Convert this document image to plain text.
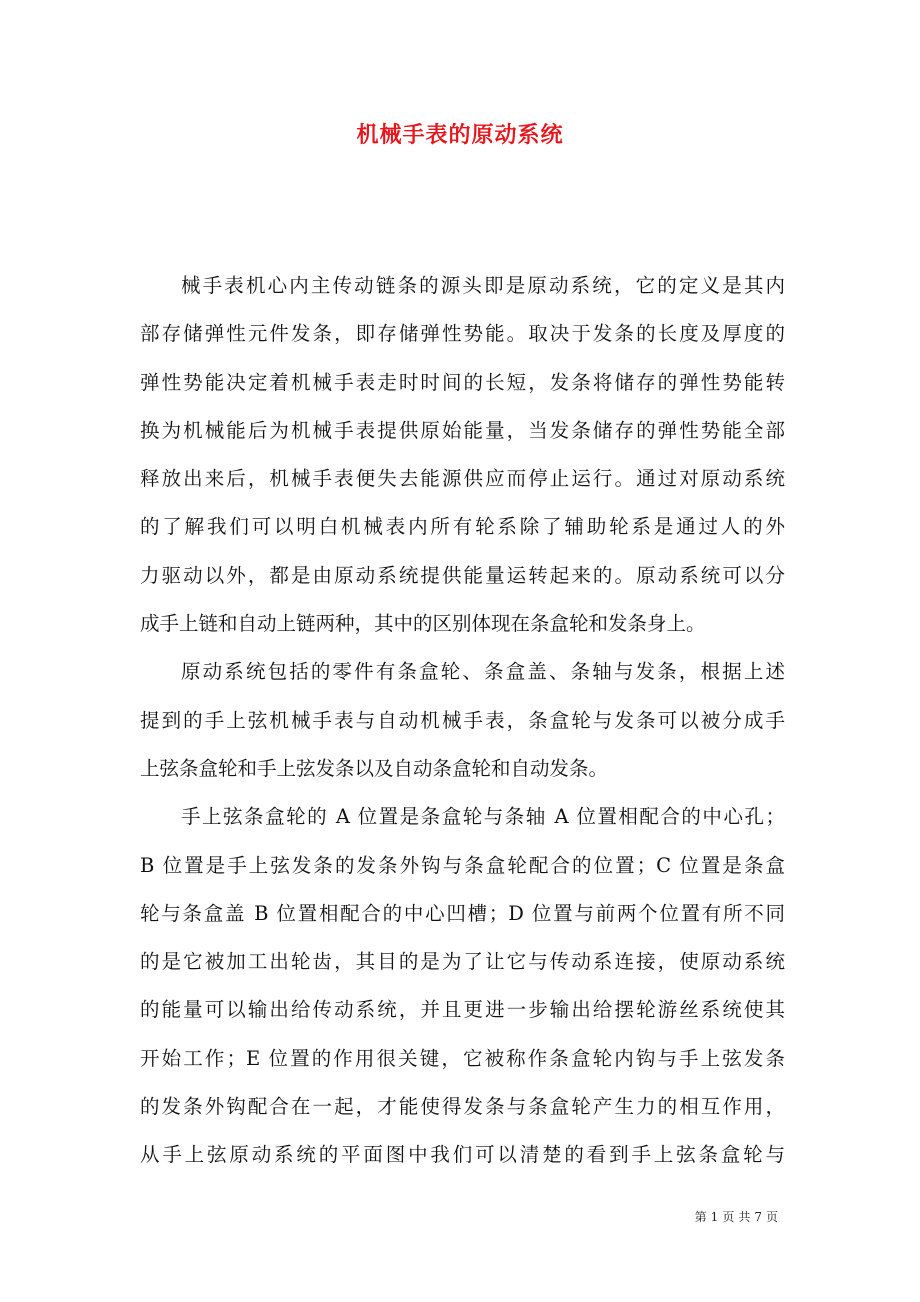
机械手表的原动系统
械手表机心内主传动链条的源头即是原动系统，它的定义是其内
部存储弹性元件发条，即存储弹性势能。取决于发条的长度及厚度的
弹性势能决定着机械手表走时时间的长短，发条将储存的弹性势能转
换为机械能后为机械手表提供原始能量，当发条储存的弹性势能全部
释放出来后，机械手表便失去能源供应而停止运行。通过对原动系统
的了解我们可以明白机械表内所有轮系除了辅助轮系是通过人的外
力驱动以外，都是由原动系统提供能量运转起来的。原动系统可以分
成手上链和自动上链两种，其中的区别体现在条盒轮和发条身上。
原动系统包括的零件有条盒轮、条盒盖、条轴与发条，根据上述
提到的手上弦机械手表与自动机械手表，条盒轮与发条可以被分成手
上弦条盒轮和手上弦发条以及自动条盒轮和自动发条。
手上弦条盒轮的 A 位置是条盒轮与条轴 A 位置相配合的中心孔；
B 位置是手上弦发条的发条外钩与条盒轮配合的位置；C 位置是条盒
轮与条盒盖 B 位置相配合的中心凹槽；D 位置与前两个位置有所不同
的是它被加工出轮齿，其目的是为了让它与传动系连接，使原动系统
的能量可以输出给传动系统，并且更进一步输出给摆轮游丝系统使其
开始工作；E 位置的作用很关键，它被称作条盒轮内钩与手上弦发条
的发条外钩配合在一起，才能使得发条与条盒轮产生力的相互作用，
从手上弦原动系统的平面图中我们可以清楚的看到手上弦条盒轮与
第 1 页 共 7 页
